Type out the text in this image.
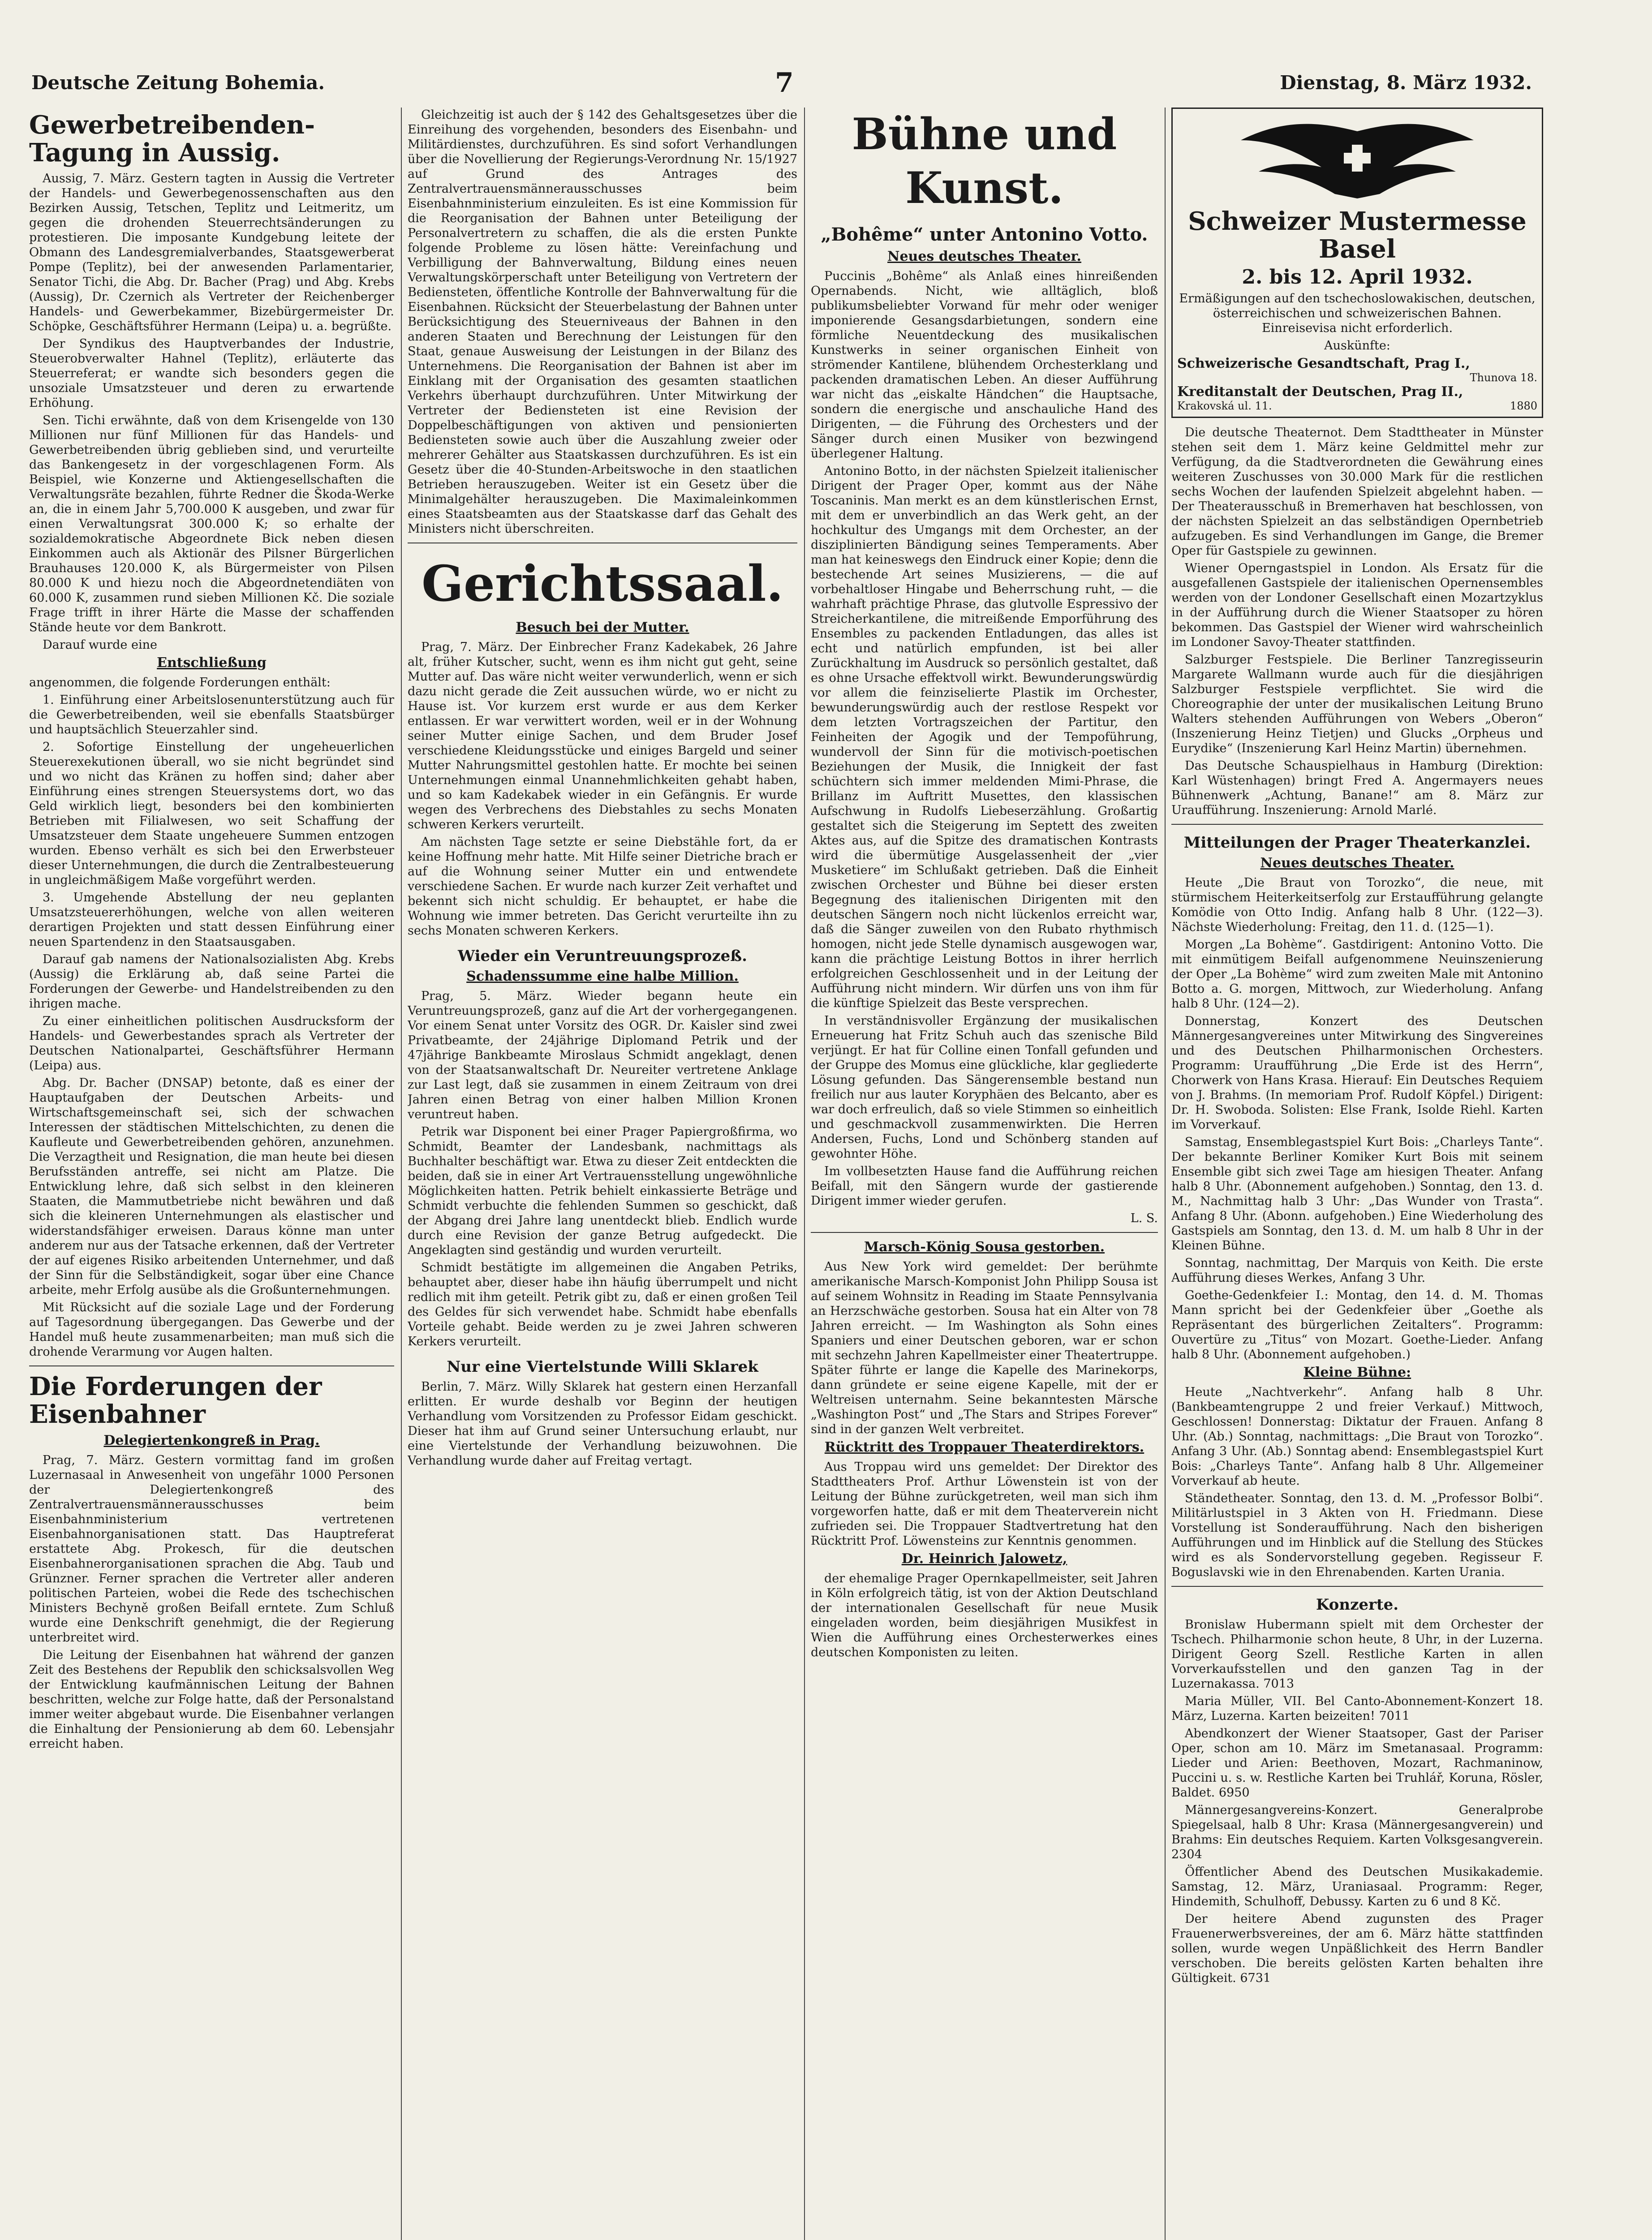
Deutsche Zeitung Bohemia.	7	Dienstag, 8. März 1932.
Gewerbetreibenden-Tagung in Aussig.

Aussig, 7. März. Gestern tagten in Aussig die Vertreter der Handels- und Gewerbegenossenschaften aus den Bezirken Aussig, Tetschen, Teplitz und Leitmeritz, um gegen die drohenden Steuerrechtsänderungen zu protestieren. Die imposante Kundgebung leitete der Obmann des Landesgremialverbandes, Staatsgewerberat Pompe (Teplitz), bei der anwesenden Parlamentarier, Senator Tichi, die Abg. Dr. Bacher (Prag) und Abg. Krebs (Aussig), Dr. Czernich als Vertreter der Reichenberger Handels- und Gewerbekammer, Bizebürgermeister Dr. Schöpke, Geschäftsführer Hermann (Leipa) u. a. begrüßte.

Der Syndikus des Hauptverbandes der Industrie, Steuerobverwalter Hahnel (Teplitz), erläuterte das Steuerreferat; er wandte sich besonders gegen die unsoziale Umsatzsteuer und deren zu erwartende Erhöhung.

Sen. Tichi erwähnte, daß von dem Krisengelde von 130 Millionen nur fünf Millionen für das Handels- und Gewerbetreibenden übrig geblieben sind, und verurteilte das Bankengesetz in der vorgeschlagenen Form. Als Beispiel, wie Konzerne und Aktiengesellschaften die Verwaltungsräte bezahlen, führte Redner die Škoda-Werke an, die in einem Jahr 5,700.000 K ausgeben, und zwar für einen Verwaltungsrat 300.000 K; so erhalte der sozialdemokratische Abgeordnete Bick neben diesen Einkommen auch als Aktionär des Pilsner Bürgerlichen Brauhauses 120.000 K, als Bürgermeister von Pilsen 80.000 K und hiezu noch die Abgeordnetendiäten von 60.000 K, zusammen rund sieben Millionen Kč. Die soziale Frage trifft in ihrer Härte die Masse der schaffenden Stände heute vor dem Bankrott.

Darauf wurde eine

Entschließung

angenommen, die folgende Forderungen enthält:

1. Einführung einer Arbeitslosenunterstützung auch für die Gewerbetreibenden, weil sie ebenfalls Staatsbürger und hauptsächlich Steuerzahler sind.

2. Sofortige Einstellung der ungeheuerlichen Steuerexekutionen überall, wo sie nicht begründet sind und wo nicht das Kränen zu hoffen sind; daher aber Einführung eines strengen Steuersystems dort, wo das Geld wirklich liegt, besonders bei den kombinierten Betrieben mit Filialwesen, wo seit Schaffung der Umsatzsteuer dem Staate ungeheuere Summen entzogen wurden. Ebenso verhält es sich bei den Erwerbsteuer dieser Unternehmungen, die durch die Zentralbesteuerung in ungleichmäßigem Maße vorgeführt werden.

3. Umgehende Abstellung der neu geplanten Umsatzsteuererhöhungen, welche von allen weiteren derartigen Projekten und statt dessen Einführung einer neuen Spartendenz in den Staatsausgaben.

Darauf gab namens der Nationalsozialisten Abg. Krebs (Aussig) die Erklärung ab, daß seine Partei die Forderungen der Gewerbe- und Handelstreibenden zu den ihrigen mache.

Zu einer einheitlichen politischen Ausdrucksform der Handels- und Gewerbestandes sprach als Vertreter der Deutschen Nationalpartei, Geschäftsführer Hermann (Leipa) aus.

Abg. Dr. Bacher (DNSAP) betonte, daß es einer der Hauptaufgaben der Deutschen Arbeits- und Wirtschaftsgemeinschaft sei, sich der schwachen Interessen der städtischen Mittelschichten, zu denen die Kaufleute und Gewerbetreibenden gehören, anzunehmen. Die Verzagtheit und Resignation, die man heute bei diesen Berufsständen antreffe, sei nicht am Platze. Die Entwicklung lehre, daß sich selbst in den kleineren Staaten, die Mammutbetriebe nicht bewähren und daß sich die kleineren Unternehmungen als elastischer und widerstandsfähiger erweisen. Daraus könne man unter anderem nur aus der Tatsache erkennen, daß der Vertreter der auf eigenes Risiko arbeitenden Unternehmer, und daß der Sinn für die Selbständigkeit, sogar über eine Chance arbeite, mehr Erfolg ausübe als die Großunternehmungen.

Mit Rücksicht auf die soziale Lage und der Forderung auf Tagesordnung übergegangen. Das Gewerbe und der Handel muß heute zusammenarbeiten; man muß sich die drohende Verarmung vor Augen halten.

Die Forderungen der Eisenbahner
Delegiertenkongreß in Prag.

Prag, 7. März. Gestern vormittag fand im großen Luzernasaal in Anwesenheit von ungefähr 1000 Personen der Delegiertenkongreß des Zentralvertrauensmännerausschusses beim Eisenbahnministerium vertretenen Eisenbahnorganisationen statt. Das Hauptreferat erstattete Abg. Prokesch, für die deutschen Eisenbahnerorganisationen sprachen die Abg. Taub und Grünzner. Ferner sprachen die Vertreter aller anderen politischen Parteien, wobei die Rede des tschechischen Ministers Bechyně großen Beifall erntete. Zum Schluß wurde eine Denkschrift genehmigt, die der Regierung unterbreitet wird.

Die Leitung der Eisenbahnen hat während der ganzen Zeit des Bestehens der Republik den schicksalsvollen Weg der Entwicklung kaufmännischen Leitung der Bahnen beschritten, welche zur Folge hatte, daß der Personalstand immer weiter abgebaut wurde. Die Eisenbahner verlangen die Einhaltung der Pensionierung ab dem 60. Lebensjahr erreicht haben.

Gleichzeitig ist auch der § 142 des Gehaltsgesetzes über die Einreihung des vorgehenden, besonders des Eisenbahn- und Militärdienstes, durchzuführen. Es sind sofort Verhandlungen über die Novellierung der Regierungs-Verordnung Nr. 15/1927 auf Grund des Antrages des Zentralvertrauensmännerausschusses beim Eisenbahnministerium einzuleiten. Es ist eine Kommission für die Reorganisation der Bahnen unter Beteiligung der Personalvertretern zu schaffen, die als die ersten Punkte folgende Probleme zu lösen hätte: Vereinfachung und Verbilligung der Bahnverwaltung, Bildung eines neuen Verwaltungskörperschaft unter Beteiligung von Vertretern der Bediensteten, öffentliche Kontrolle der Bahnverwaltung für die Eisenbahnen. Rücksicht der Steuerbelastung der Bahnen unter Berücksichtigung des Steuerniveaus der Bahnen in den anderen Staaten und Berechnung der Leistungen für den Staat, genaue Ausweisung der Leistungen in der Bilanz des Unternehmens. Die Reorganisation der Bahnen ist aber im Einklang mit der Organisation des gesamten staatlichen Verkehrs überhaupt durchzuführen. Unter Mitwirkung der Vertreter der Bediensteten ist eine Revision der Doppelbeschäftigungen von aktiven und pensionierten Bediensteten sowie auch über die Auszahlung zweier oder mehrerer Gehälter aus Staatskassen durchzuführen. Es ist ein Gesetz über die 40-Stunden-Arbeitswoche in den staatlichen Betrieben herauszugeben. Weiter ist ein Gesetz über die Minimalgehälter herauszugeben. Die Maximaleinkommen eines Staatsbeamten aus der Staatskasse darf das Gehalt des Ministers nicht überschreiten.

Gerichtssaal.
Besuch bei der Mutter.

Prag, 7. März. Der Einbrecher Franz Kadekabek, 26 Jahre alt, früher Kutscher, sucht, wenn es ihm nicht gut geht, seine Mutter auf. Das wäre nicht weiter verwunderlich, wenn er sich dazu nicht gerade die Zeit aussuchen würde, wo er nicht zu Hause ist. Vor kurzem erst wurde er aus dem Kerker entlassen. Er war verwittert worden, weil er in der Wohnung seiner Mutter einige Sachen, und dem Bruder Josef verschiedene Kleidungsstücke und einiges Bargeld und seiner Mutter Nahrungsmittel gestohlen hatte. Er mochte bei seinen Unternehmungen einmal Unannehmlichkeiten gehabt haben, und so kam Kadekabek wieder in ein Gefängnis. Er wurde wegen des Verbrechens des Diebstahles zu sechs Monaten schweren Kerkers verurteilt.

Am nächsten Tage setzte er seine Diebstähle fort, da er keine Hoffnung mehr hatte. Mit Hilfe seiner Dietriche brach er auf die Wohnung seiner Mutter ein und entwendete verschiedene Sachen. Er wurde nach kurzer Zeit verhaftet und bekennt sich nicht schuldig. Er behauptet, er habe die Wohnung wie immer betreten. Das Gericht verurteilte ihn zu sechs Monaten schweren Kerkers.

Wieder ein Veruntreuungsprozeß.
Schadenssumme eine halbe Million.

Prag, 5. März. Wieder begann heute ein Veruntreuungsprozeß, ganz auf die Art der vorhergegangenen. Vor einem Senat unter Vorsitz des OGR. Dr. Kaisler sind zwei Privatbeamte, der 24jährige Diplomand Petrik und der 47jährige Bankbeamte Miroslaus Schmidt angeklagt, denen von der Staatsanwaltschaft Dr. Neureiter vertretene Anklage zur Last legt, daß sie zusammen in einem Zeitraum von drei Jahren einen Betrag von einer halben Million Kronen veruntreut haben.

Petrik war Disponent bei einer Prager Papiergroßfirma, wo Schmidt, Beamter der Landesbank, nachmittags als Buchhalter beschäftigt war. Etwa zu dieser Zeit entdeckten die beiden, daß sie in einer Art Vertrauensstellung ungewöhnliche Möglichkeiten hatten. Petrik behielt einkassierte Beträge und Schmidt verbuchte die fehlenden Summen so geschickt, daß der Abgang drei Jahre lang unentdeckt blieb. Endlich wurde durch eine Revision der ganze Betrug aufgedeckt. Die Angeklagten sind geständig und wurden verurteilt.

Schmidt bestätigte im allgemeinen die Angaben Petriks, behauptet aber, dieser habe ihn häufig überrumpelt und nicht redlich mit ihm geteilt. Petrik gibt zu, daß er einen großen Teil des Geldes für sich verwendet habe. Schmidt habe ebenfalls Vorteile gehabt. Beide werden zu je zwei Jahren schweren Kerkers verurteilt.

Nur eine Viertelstunde Willi Sklarek

Berlin, 7. März. Willy Sklarek hat gestern einen Herzanfall erlitten. Er wurde deshalb vor Beginn der heutigen Verhandlung vom Vorsitzenden zu Professor Eidam geschickt. Dieser hat ihm auf Grund seiner Untersuchung erlaubt, nur eine Viertelstunde der Verhandlung beizuwohnen. Die Verhandlung wurde daher auf Freitag vertagt.

Bühne und Kunst.
„Bohême“ unter Antonino Votto.
Neues deutsches Theater.

Puccinis „Bohême“ als Anlaß eines hinreißenden Opernabends. Nicht, wie alltäglich, bloß publikumsbeliebter Vorwand für mehr oder weniger imponierende Gesangsdarbietungen, sondern eine förmliche Neuentdeckung des musikalischen Kunstwerks in seiner organischen Einheit von strömender Kantilene, blühendem Orchesterklang und packenden dramatischen Leben. An dieser Aufführung war nicht das „eiskalte Händchen“ die Hauptsache, sondern die energische und anschauliche Hand des Dirigenten, — die Führung des Orchesters und der Sänger durch einen Musiker von bezwingend überlegener Haltung.

Antonino Botto, in der nächsten Spielzeit italienischer Dirigent der Prager Oper, kommt aus der Nähe Toscaninis. Man merkt es an dem künstlerischen Ernst, mit dem er unverbindlich an das Werk geht, an der hochkultur des Umgangs mit dem Orchester, an der disziplinierten Bändigung seines Temperaments. Aber man hat keineswegs den Eindruck einer Kopie; denn die bestechende Art seines Musizierens, — die auf vorbehaltloser Hingabe und Beherrschung ruht, — die wahrhaft prächtige Phrase, das glutvolle Espressivo der Streicherkantilene, die mitreißende Emporführung des Ensembles zu packenden Entladungen, das alles ist echt und natürlich empfunden, ist bei aller Zurückhaltung im Ausdruck so persönlich gestaltet, daß es ohne Ursache effektvoll wirkt. Bewunderungswürdig vor allem die feinziselierte Plastik im Orchester, bewunderungswürdig auch der restlose Respekt vor dem letzten Vortragszeichen der Partitur, den Feinheiten der Agogik und der Tempoführung, wundervoll der Sinn für die motivisch-poetischen Beziehungen der Musik, die Innigkeit der fast schüchtern sich immer meldenden Mimi-Phrase, die Brillanz im Auftritt Musettes, den klassischen Aufschwung in Rudolfs Liebeserzählung. Großartig gestaltet sich die Steigerung im Septett des zweiten Aktes aus, auf die Spitze des dramatischen Kontrasts wird die übermütige Ausgelassenheit der „vier Musketiere“ im Schlußakt getrieben. Daß die Einheit zwischen Orchester und Bühne bei dieser ersten Begegnung des italienischen Dirigenten mit den deutschen Sängern noch nicht lückenlos erreicht war, daß die Sänger zuweilen von den Rubato rhythmisch homogen, nicht jede Stelle dynamisch ausgewogen war, kann die prächtige Leistung Bottos in ihrer herrlich erfolgreichen Geschlossenheit und in der Leitung der Aufführung nicht mindern. Wir dürfen uns von ihm für die künftige Spielzeit das Beste versprechen.

In verständnisvoller Ergänzung der musikalischen Erneuerung hat Fritz Schuh auch das szenische Bild verjüngt. Er hat für Colline einen Tonfall gefunden und der Gruppe des Momus eine glückliche, klar gegliederte Lösung gefunden. Das Sängerensemble bestand nun freilich nur aus lauter Koryphäen des Belcanto, aber es war doch erfreulich, daß so viele Stimmen so einheitlich und geschmackvoll zusammenwirkten. Die Herren Andersen, Fuchs, Lond und Schönberg standen auf gewohnter Höhe.

Im vollbesetzten Hause fand die Aufführung reichen Beifall, mit den Sängern wurde der gastierende Dirigent immer wieder gerufen.

L. S.

Marsch-König Sousa gestorben.

Aus New York wird gemeldet: Der berühmte amerikanische Marsch-Komponist John Philipp Sousa ist auf seinem Wohnsitz in Reading im Staate Pennsylvania an Herzschwäche gestorben. Sousa hat ein Alter von 78 Jahren erreicht. — Im Washington als Sohn eines Spaniers und einer Deutschen geboren, war er schon mit sechzehn Jahren Kapellmeister einer Theatertruppe. Später führte er lange die Kapelle des Marinekorps, dann gründete er seine eigene Kapelle, mit der er Weltreisen unternahm. Seine bekanntesten Märsche „Washington Post“ und „The Stars and Stripes Forever“ sind in der ganzen Welt verbreitet.

Rücktritt des Troppauer Theaterdirektors.

Aus Troppau wird uns gemeldet: Der Direktor des Stadttheaters Prof. Arthur Löwenstein ist von der Leitung der Bühne zurückgetreten, weil man sich ihm vorgeworfen hatte, daß er mit dem Theaterverein nicht zufrieden sei. Die Troppauer Stadtvertretung hat den Rücktritt Prof. Löwensteins zur Kenntnis genommen.

Dr. Heinrich Jalowetz,

der ehemalige Prager Opernkapellmeister, seit Jahren in Köln erfolgreich tätig, ist von der Aktion Deutschland der internationalen Gesellschaft für neue Musik eingeladen worden, beim diesjährigen Musikfest in Wien die Aufführung eines Orchesterwerkes eines deutschen Komponisten zu leiten.

Schweizer Mustermesse Basel
2. bis 12. April 1932.

Ermäßigungen auf den tschechoslowakischen, deutschen, österreichischen und schweizerischen Bahnen. Einreisevisa nicht erforderlich.

Auskünfte:

Schweizerische Gesandtschaft, Prag I.,
Thunova 18.
Kreditanstalt der Deutschen, Prag II.,
Krakovská ul. 11.	1880

Die deutsche Theaternot. Dem Stadttheater in Münster stehen seit dem 1. März keine Geldmittel mehr zur Verfügung, da die Stadtverordneten die Gewährung eines weiteren Zuschusses von 30.000 Mark für die restlichen sechs Wochen der laufenden Spielzeit abgelehnt haben. — Der Theaterausschuß in Bremerhaven hat beschlossen, von der nächsten Spielzeit an das selbständigen Opernbetrieb aufzugeben. Es sind Verhandlungen im Gange, die Bremer Oper für Gastspiele zu gewinnen.

Wiener Operngastspiel in London. Als Ersatz für die ausgefallenen Gastspiele der italienischen Opernensembles werden von der Londoner Gesellschaft einen Mozartzyklus in der Aufführung durch die Wiener Staatsoper zu hören bekommen. Das Gastspiel der Wiener wird wahrscheinlich im Londoner Savoy-Theater stattfinden.

Salzburger Festspiele. Die Berliner Tanzregisseurin Margarete Wallmann wurde auch für die diesjährigen Salzburger Festspiele verpflichtet. Sie wird die Choreographie der unter der musikalischen Leitung Bruno Walters stehenden Aufführungen von Webers „Oberon“ (Inszenierung Heinz Tietjen) und Glucks „Orpheus und Eurydike“ (Inszenierung Karl Heinz Martin) übernehmen.

Das Deutsche Schauspielhaus in Hamburg (Direktion: Karl Wüstenhagen) bringt Fred A. Angermayers neues Bühnenwerk „Achtung, Banane!“ am 8. März zur Uraufführung. Inszenierung: Arnold Marlé.

Mitteilungen der Prager Theaterkanzlei.
Neues deutsches Theater.

Heute „Die Braut von Torozko“, die neue, mit stürmischem Heiterkeitserfolg zur Erstaufführung gelangte Komödie von Otto Indig. Anfang halb 8 Uhr. (122—3). Nächste Wiederholung: Freitag, den 11. d. (125—1).

Morgen „La Bohème“. Gastdirigent: Antonino Votto. Die mit einmütigem Beifall aufgenommene Neuinszenierung der Oper „La Bohème“ wird zum zweiten Male mit Antonino Botto a. G. morgen, Mittwoch, zur Wiederholung. Anfang halb 8 Uhr. (124—2).

Donnerstag, Konzert des Deutschen Männergesangvereines unter Mitwirkung des Singvereines und des Deutschen Philharmonischen Orchesters. Programm: Uraufführung „Die Erde ist des Herrn“, Chorwerk von Hans Krasa. Hierauf: Ein Deutsches Requiem von J. Brahms. (In memoriam Prof. Rudolf Köpfel.) Dirigent: Dr. H. Swoboda. Solisten: Else Frank, Isolde Riehl. Karten im Vorverkauf.

Samstag, Ensemblegastspiel Kurt Bois: „Charleys Tante“. Der bekannte Berliner Komiker Kurt Bois mit seinem Ensemble gibt sich zwei Tage am hiesigen Theater. Anfang halb 8 Uhr. (Abonnement aufgehoben.) Sonntag, den 13. d. M., Nachmittag halb 3 Uhr: „Das Wunder von Trasta“. Anfang 8 Uhr. (Abonn. aufgehoben.) Eine Wiederholung des Gastspiels am Sonntag, den 13. d. M. um halb 8 Uhr in der Kleinen Bühne.

Sonntag, nachmittag, Der Marquis von Keith. Die erste Aufführung dieses Werkes, Anfang 3 Uhr.

Goethe-Gedenkfeier I.: Montag, den 14. d. M. Thomas Mann spricht bei der Gedenkfeier über „Goethe als Repräsentant des bürgerlichen Zeitalters“. Programm: Ouvertüre zu „Titus“ von Mozart. Goethe-Lieder. Anfang halb 8 Uhr. (Abonnement aufgehoben.)

Kleine Bühne:

Heute „Nachtverkehr“. Anfang halb 8 Uhr. (Bankbeamtengruppe 2 und freier Verkauf.) Mittwoch, Geschlossen! Donnerstag: Diktatur der Frauen. Anfang 8 Uhr. (Ab.) Sonntag, nachmittags: „Die Braut von Torozko“. Anfang 3 Uhr. (Ab.) Sonntag abend: Ensemblegastspiel Kurt Bois: „Charleys Tante“. Anfang halb 8 Uhr. Allgemeiner Vorverkauf ab heute.

Ständetheater. Sonntag, den 13. d. M. „Professor Bolbi“. Militärlustspiel in 3 Akten von H. Friedmann. Diese Vorstellung ist Sonderaufführung. Nach den bisherigen Aufführungen und im Hinblick auf die Stellung des Stückes wird es als Sondervorstellung gegeben. Regisseur F. Boguslavski wie in den Ehrenabenden. Karten Urania.

Konzerte.

Bronislaw Hubermann spielt mit dem Orchester der Tschech. Philharmonie schon heute, 8 Uhr, in der Luzerna. Dirigent Georg Szell. Restliche Karten in allen Vorverkaufsstellen und den ganzen Tag in der Luzernakassa. 7013

Maria Müller, VII. Bel Canto-Abonnement-Konzert 18. März, Luzerna. Karten beizeiten! 7011

Abendkonzert der Wiener Staatsoper, Gast der Pariser Oper, schon am 10. März im Smetanasaal. Programm: Lieder und Arien: Beethoven, Mozart, Rachmaninow, Puccini u. s. w. Restliche Karten bei Truhlář, Koruna, Rösler, Baldet. 6950

Männergesangvereins-Konzert. Generalprobe Spiegelsaal, halb 8 Uhr: Krasa (Männergesangverein) und Brahms: Ein deutsches Requiem. Karten Volksgesangverein. 2304

Öffentlicher Abend des Deutschen Musikakademie. Samstag, 12. März, Uraniasaal. Programm: Reger, Hindemith, Schulhoff, Debussy. Karten zu 6 und 8 Kč.

Der heitere Abend zugunsten des Prager Frauenerwerbsvereines, der am 6. März hätte stattfinden sollen, wurde wegen Unpäßlichkeit des Herrn Bandler verschoben. Die bereits gelösten Karten behalten ihre Gültigkeit. 6731
